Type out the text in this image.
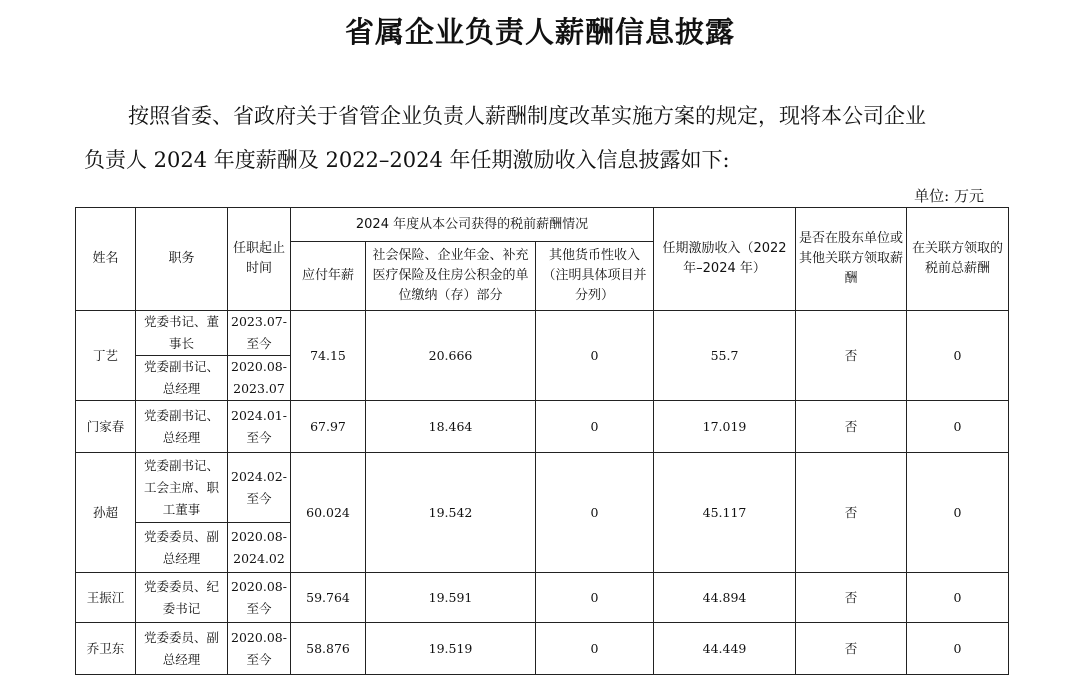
省属企业负责人薪酬信息披露

按照省委、省政府关于省管企业负责人薪酬制度改革实施方案的规定，现将本公司企业
负责人 2024 年度薪酬及 2022–2024 年任期激励收入信息披露如下:

单位: 万元

姓名	职务	任职起止时间	2024 年度从本公司获得的税前薪酬情况			任期激励收入（2022 年–2024 年）	是否在股东单位或其他关联方领取薪酬	在关联方领取的税前总薪酬
			应付年薪	社会保险、企业年金、补充医疗保险及住房公积金的单位缴纳（存）部分	其他货币性收入（注明具体项目并分列）			
丁艺	党委书记、董事长	2023.07-至今	74.15	20.666	0	55.7	否	0
	党委副书记、总经理	2020.08-2023.07						
门家春	党委副书记、总经理	2024.01-至今	67.97	18.464	0	17.019	否	0
孙超	党委副书记、工会主席、职工董事	2024.02-至今	60.024	19.542	0	45.117	否	0
	党委委员、副总经理	2020.08-2024.02						
王振江	党委委员、纪委书记	2020.08-至今	59.764	19.591	0	44.894	否	0
乔卫东	党委委员、副总经理	2020.08-至今	58.876	19.519	0	44.449	否	0
